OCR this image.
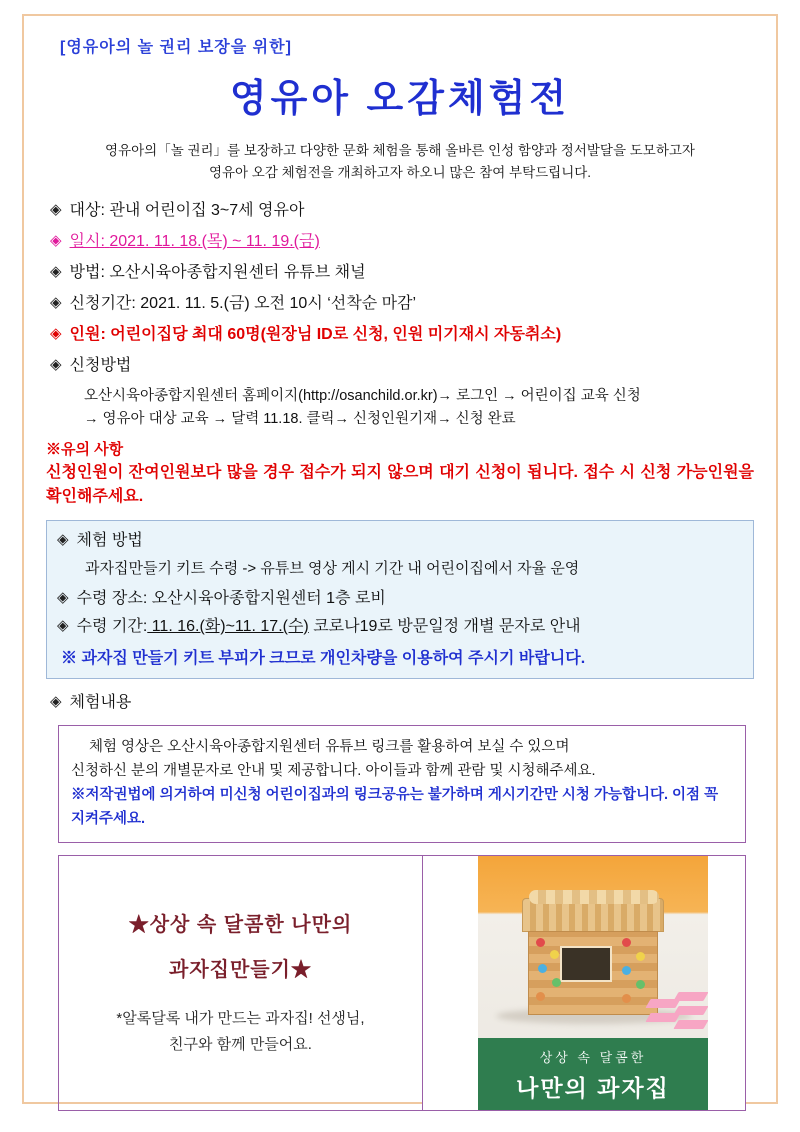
[영유아의 놀 권리 보장을 위한]
영유아 오감체험전
영유아의「놀 권리」를 보장하고 다양한 문화 체험을 통해 올바른 인성 함양과 정서발달을 도모하고자
영유아 오감 체험전을 개최하고자 하오니 많은 참여 부탁드립니다.
◈ 대상: 관내 어린이집 3~7세 영유아
◈ 일시: 2021. 11. 18.(목) ~ 11. 19.(금)
◈ 방법: 오산시육아종합지원센터 유튜브 채널
◈ 신청기간: 2021. 11. 5.(금) 오전 10시 ‘선착순 마감’
◈ 인원: 어린이집당 최대 60명(원장님 ID로 신청, 인원 미기재시 자동취소)
◈ 신청방법
오산시육아종합지원센터 홈페이지(http://osanchild.or.kr)→ 로그인 → 어린이집 교육 신청
→ 영유아 대상 교육 → 달력 11.18. 클릭→ 신청인원기재→ 신청 완료
※유의 사항
신청인원이 잔여인원보다 많을 경우 접수가 되지 않으며 대기 신청이 됩니다. 접수 시 신청 가능인원을 확인해주세요.
◈ 체험 방법
과자집만들기 키트 수령 -> 유튜브 영상 게시 기간 내 어린이집에서 자율 운영
◈ 수령 장소: 오산시육아종합지원센터 1층 로비
◈ 수령 기간: 11. 16.(화)~11. 17.(수) 코로나19로 방문일정 개별 문자로 안내
※ 과자집 만들기 키트 부피가 크므로 개인차량을 이용하여 주시기 바랍니다.
◈ 체험내용
체험 영상은 오산시육아종합지원센터 유튜브 링크를 활용하여 보실 수 있으며
신청하신 분의 개별문자로 안내 및 제공합니다. 아이들과 함께 관람 및 시청해주세요.
※저작권법에 의거하여 미신청 어린이집과의 링크공유는 불가하며 게시기간만 시청 가능합니다. 이점 꼭 지켜주세요.
★상상 속 달콤한 나만의
과자집만들기★
*알록달록 내가 만드는 과자집! 선생님,
친구와 함께 만들어요.
상상 속 달콤한
나만의 과자집
